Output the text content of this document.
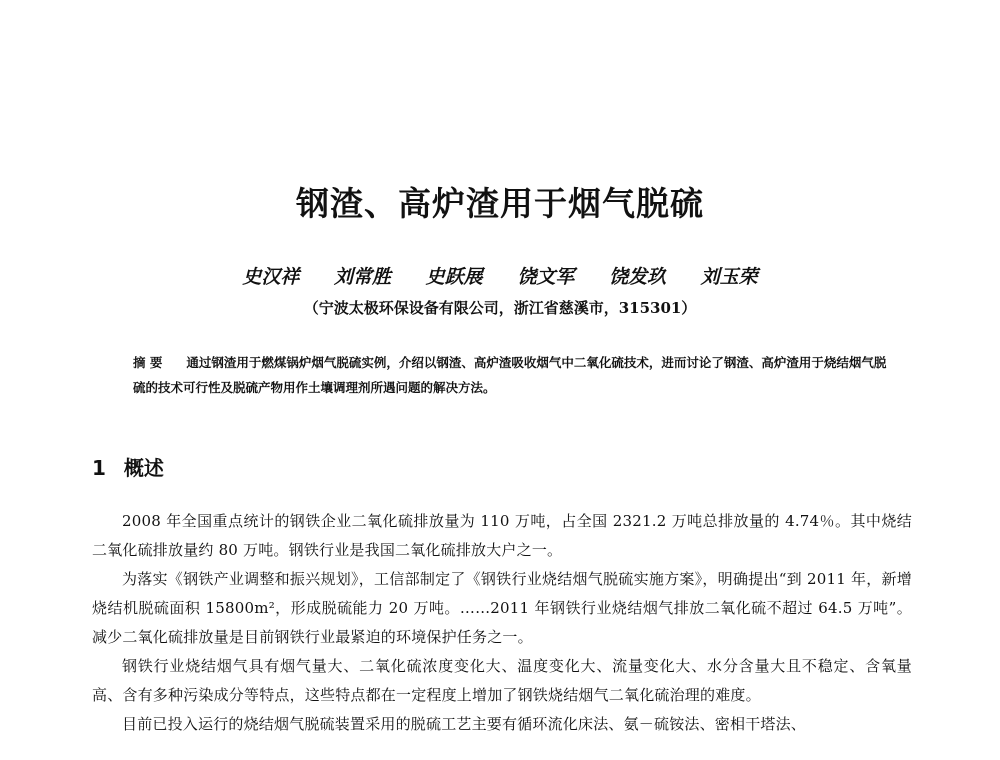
钢渣、高炉渣用于烟气脱硫
史汉祥 刘常胜 史跃展 饶文军 饶发玖 刘玉荣
（宁波太极环保设备有限公司，浙江省慈溪市，315301）

摘 要 通过钢渣用于燃煤锅炉烟气脱硫实例，介绍以钢渣、高炉渣吸收烟气中二氧化硫技术，进而讨论了钢渣、高炉渣用于烧结烟气脱硫的技术可行性及脱硫产物用作土壤调理剂所遇问题的解决方法。

1 概述

2008 年全国重点统计的钢铁企业二氧化硫排放量为 110 万吨，占全国 2321.2 万吨总排放量的 4.74％。其中烧结二氧化硫排放量约 80 万吨。钢铁行业是我国二氧化硫排放大户之一。

为落实《钢铁产业调整和振兴规划》，工信部制定了《钢铁行业烧结烟气脱硫实施方案》，明确提出“到 2011 年，新增烧结机脱硫面积 15800m²，形成脱硫能力 20 万吨。……2011 年钢铁行业烧结烟气排放二氧化硫不超过 64.5 万吨”。减少二氧化硫排放量是目前钢铁行业最紧迫的环境保护任务之一。

钢铁行业烧结烟气具有烟气量大、二氧化硫浓度变化大、温度变化大、流量变化大、水分含量大且不稳定、含氧量高、含有多种污染成分等特点，这些特点都在一定程度上增加了钢铁烧结烟气二氧化硫治理的难度。

目前已投入运行的烧结烟气脱硫装置采用的脱硫工艺主要有循环流化床法、氨－硫铵法、密相干塔法、
